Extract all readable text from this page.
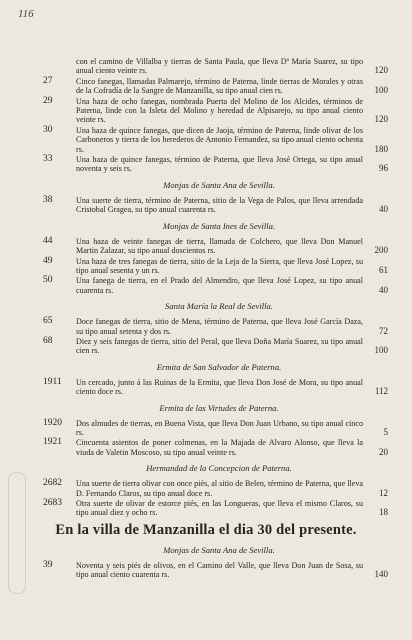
116
con el camino de Villalba y tierras de Santa Paula, que lleva Dª María Suarez, su tipo anual ciento veinte rs.	120
27	Cinco fanegas, llamadas Palmarejo, término de Paterna, linde tierras de Morales y otras de la Cofradía de la Sangre de Manzanilla, su tipo anual cien rs.	100
29	Una haza de ocho fanegas, nombrada Puerta del Molino de los Alcides, términos de Paterna, linde con la Isleta del Molino y heredad de Alpisarejo, su tipo anual ciento veinte rs.	120
30	Una haza de quince fanegas, que dicen de Jaoja, término de Paterna, linde olivar de los Carboneros y tierra de los herederos de Antonio Fernandez, su tipo anual ciento ochenta rs.	180
33	Una haza de quince fanegas, término de Paterna, que lleva José Ortega, su tipo anual noventa y seis rs.	96
Monjas de Santa Ana de Sevilla.
38	Una suerte de tierra, término de Paterna, sitio de la Vega de Palos, que lleva arrendada Cristobal Gragea, su tipo anual cuarenta rs.	40
Monjas de Santa Ines de Sevilla.
44	Una haza de veinte fanegas de tierra, llamada de Colchero, que lleva Don Manuel Martin Zalazar, su tipo anual doscientos rs.	200
49	Una haza de tres fanegas de tierra, sitio de la Leja de la Sierra, que lleva José Lopez, su tipo anual sesenta y un rs.	61
50	Una fanega de tierra, en el Prado del Almendro, que lleva José Lopez, su tipo anual cuarenta rs.	40
Santa María la Real de Sevilla.
65	Doce fanegas de tierra, sitio de Mena, término de Paterna, que lleva José García Daza, su tipo anual setenta y dos rs.	72
68	Diez y seis fanegas de tierra, sitio del Peral, que lleva Doña María Suarez, su tipo anual cien rs.	100
Ermita de San Salvador de Paterna.
1911	Un cercado, junto á las Ruinas de la Ermita, que lleva Don José de Mora, su tipo anual ciento doce rs.	112
Ermita de las Virtudes de Paterna.
1920	Dos almudes de tierras, en Buena Vista, que lleva Don Juan Urbano, su tipo anual cinco rs.	5
1921	Cincuenta asientos de poner colmenas, en la Majada de Alvaro Alonso, que lleva la viuda de Valetin Moscoso, su tipo anual veinte rs.	20
Hermandad de la Concepcion de Paterna.
2682	Una suerte de tierra olivar con once piés, al sitio de Belen, término de Paterna, que lleva D. Fernando Claros, su tipo anual doce rs.	12
2683	Otra suerte de olivar de estorce piés, en las Longueras, que lleva el mismo Claros, su tipo anual diez y ocho rs.	18
En la villa de Manzanilla el dia 30 del presente.
Monjas de Santa Ana de Sevilla.
39	Noventa y seis piés de olivos, en el Camino del Valle, que lleva Don Juan de Sosa, su tipo anual ciento cuarenta rs.	140
